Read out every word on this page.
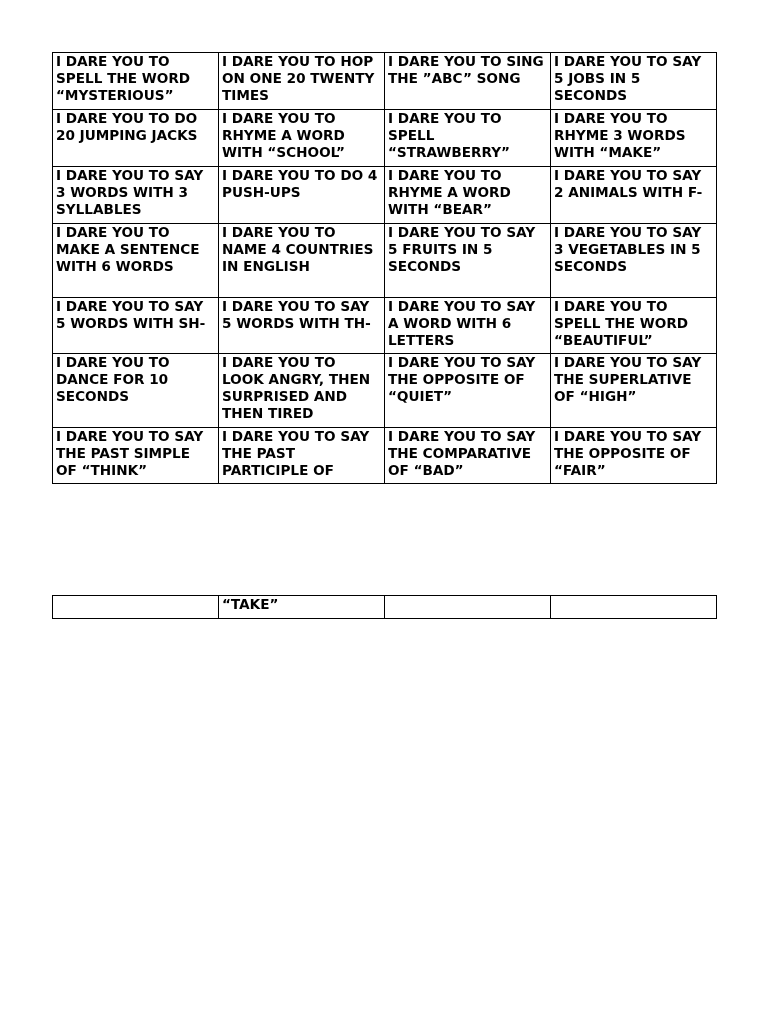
I DARE YOU TO SPELL THE WORD “MYSTERIOUS”	I DARE YOU TO HOP ON ONE 20 TWENTY TIMES	I DARE YOU TO SING THE ”ABC” SONG	I DARE YOU TO SAY 5 JOBS IN 5 SECONDS
I DARE YOU TO DO 20 JUMPING JACKS	I DARE YOU TO RHYME A WORD WITH “SCHOOL”	I DARE YOU TO SPELL “STRAWBERRY”	I DARE YOU TO RHYME 3 WORDS WITH “MAKE”
I DARE YOU TO SAY 3 WORDS WITH 3 SYLLABLES	I DARE YOU TO DO 4 PUSH-UPS	I DARE YOU TO RHYME A WORD WITH “BEAR”	I DARE YOU TO SAY 2 ANIMALS WITH F-
I DARE YOU TO MAKE A SENTENCE WITH 6 WORDS	I DARE YOU TO NAME 4 COUNTRIES IN ENGLISH	I DARE YOU TO SAY 5 FRUITS IN 5 SECONDS	I DARE YOU TO SAY 3 VEGETABLES IN 5 SECONDS
I DARE YOU TO SAY 5 WORDS WITH SH-	I DARE YOU TO SAY 5 WORDS WITH TH-	I DARE YOU TO SAY A WORD WITH 6 LETTERS	I DARE YOU TO SPELL THE WORD “BEAUTIFUL”
I DARE YOU TO DANCE FOR 10 SECONDS	I DARE YOU TO LOOK ANGRY, THEN SURPRISED AND THEN TIRED	I DARE YOU TO SAY THE OPPOSITE OF “QUIET”	I DARE YOU TO SAY THE SUPERLATIVE OF “HIGH”
I DARE YOU TO SAY THE PAST SIMPLE OF “THINK”	I DARE YOU TO SAY THE PAST PARTICIPLE OF	I DARE YOU TO SAY THE COMPARATIVE OF “BAD”	I DARE YOU TO SAY THE OPPOSITE OF “FAIR”
	“TAKE”		
